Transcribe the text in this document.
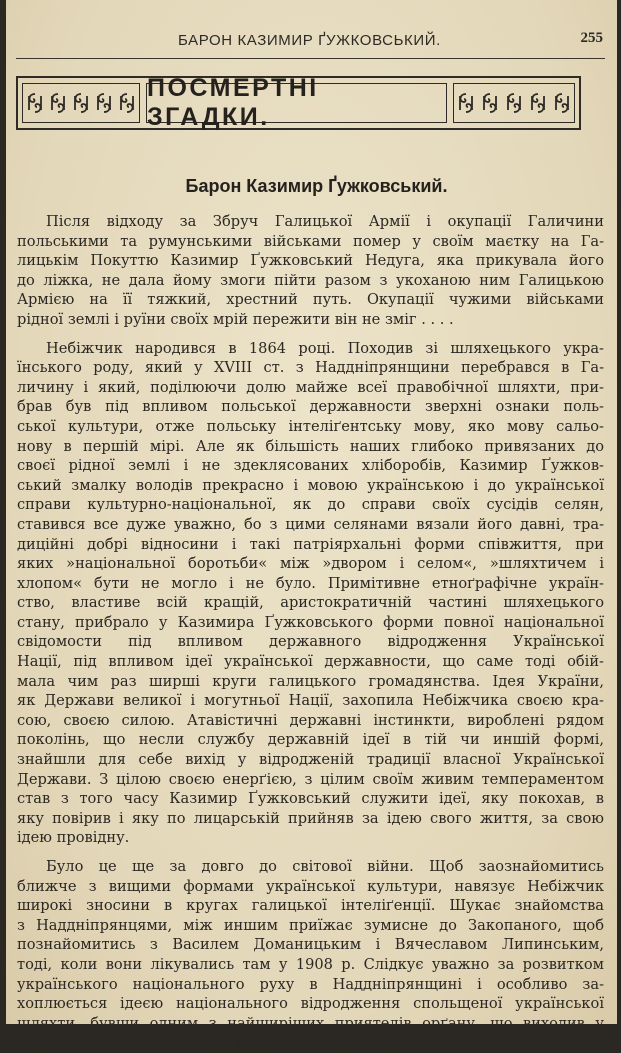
БАРОН КАЗИМИР ҐУЖКОВСЬКИЙ.	255
ПОСМЕРТНІ ЗГАДКИ.
Барон Казимир Ґужковський.
Після відходу за Збруч Галицької Армії і окупації Галичини
польськими та румунськими військами помер у своїм маєтку на Га-
лицькім Покуттю Казимир Ґужковський Недуга, яка прикувала його
до ліжка, не дала йому змоги пійти разом з укоханою ним Галицькою
Армією на її тяжкий, хрестний путь. Окупації чужими військами
рідної землі і руїни своїх мрій пережити він не зміг . . . .
Небіжчик народився в 1864 році. Походив зі шляхецького укра-
їнського роду, який у XVIII ст. з Наддніпрянщини перебрався в Га-
личину і який, поділюючи долю майже всеї правобічної шляхти, при-
брав був під впливом польської державности зверхні ознаки поль-
ської культури, отже польську інтеліґентську мову, яко мову сальо-
нову в першій мірі. Але як більшість наших глибоко привязаних до
своєї рідної землі і не здеклясованих хліборобів, Казимир Ґужков-
ський змалку володів прекрасно і мовою українською і до української
справи культурно-національної, як до справи своїх сусідів селян,
ставився все дуже уважно, бо з цими селянами вязали його давні, тра-
диційні добрі відносини і такі патріярхальні форми співжиття, при
яких »національної боротьби« між »двором і селом«, »шляхтичем і
хлопом« бути не могло і не було. Примітивне етноґрафічне україн-
ство, властиве всій кращій, аристократичній частині шляхецького
стану, прибрало у Казимира Ґужковського форми повної національної
свідомости під впливом державного відродження Української
Нації, під впливом ідеї української державности, що саме тоді обій-
мала чим раз ширші круги галицького громадянства. Ідея України,
як Держави великої і могутньої Нації, захопила Небіжчика своєю кра-
сою, своєю силою. Атавістичні державні інстинкти, вироблені рядом
поколінь, що несли службу державній ідеї в тій чи иншій формі,
знайшли для себе вихід у відродженій традиції власної Української
Держави. З цілою своєю енерґією, з цілим своїм живим темпераментом
став з того часу Казимир Ґужковський служити ідеї, яку покохав, в
яку повірив і яку по лицарській прийняв за ідею свого життя, за свою
ідею провідну.
Було це ще за довго до світової війни. Щоб заознайомитись
ближче з вищими формами української культури, навязує Небіжчик
широкі зносини в кругах галицької інтеліґенції. Шукає знайомства
з Наддніпрянцями, між иншим приїжає зумисне до Закопаного, щоб
познайомитись з Василем Доманицьким і Вячеславом Липинським,
тоді, коли вони лікувались там у 1908 р. Слідкує уважно за розвитком
українського національного руху в Наддніпрянщині і особливо за-
хоплюється ідеєю національного відродження спольщеної української
шляхти, бувши одним з найщиріщих приятелів орґану, що виходив у
Київі в 1910— 1911 р. р. під назвою »Przegląd Krajowy« та ставив
